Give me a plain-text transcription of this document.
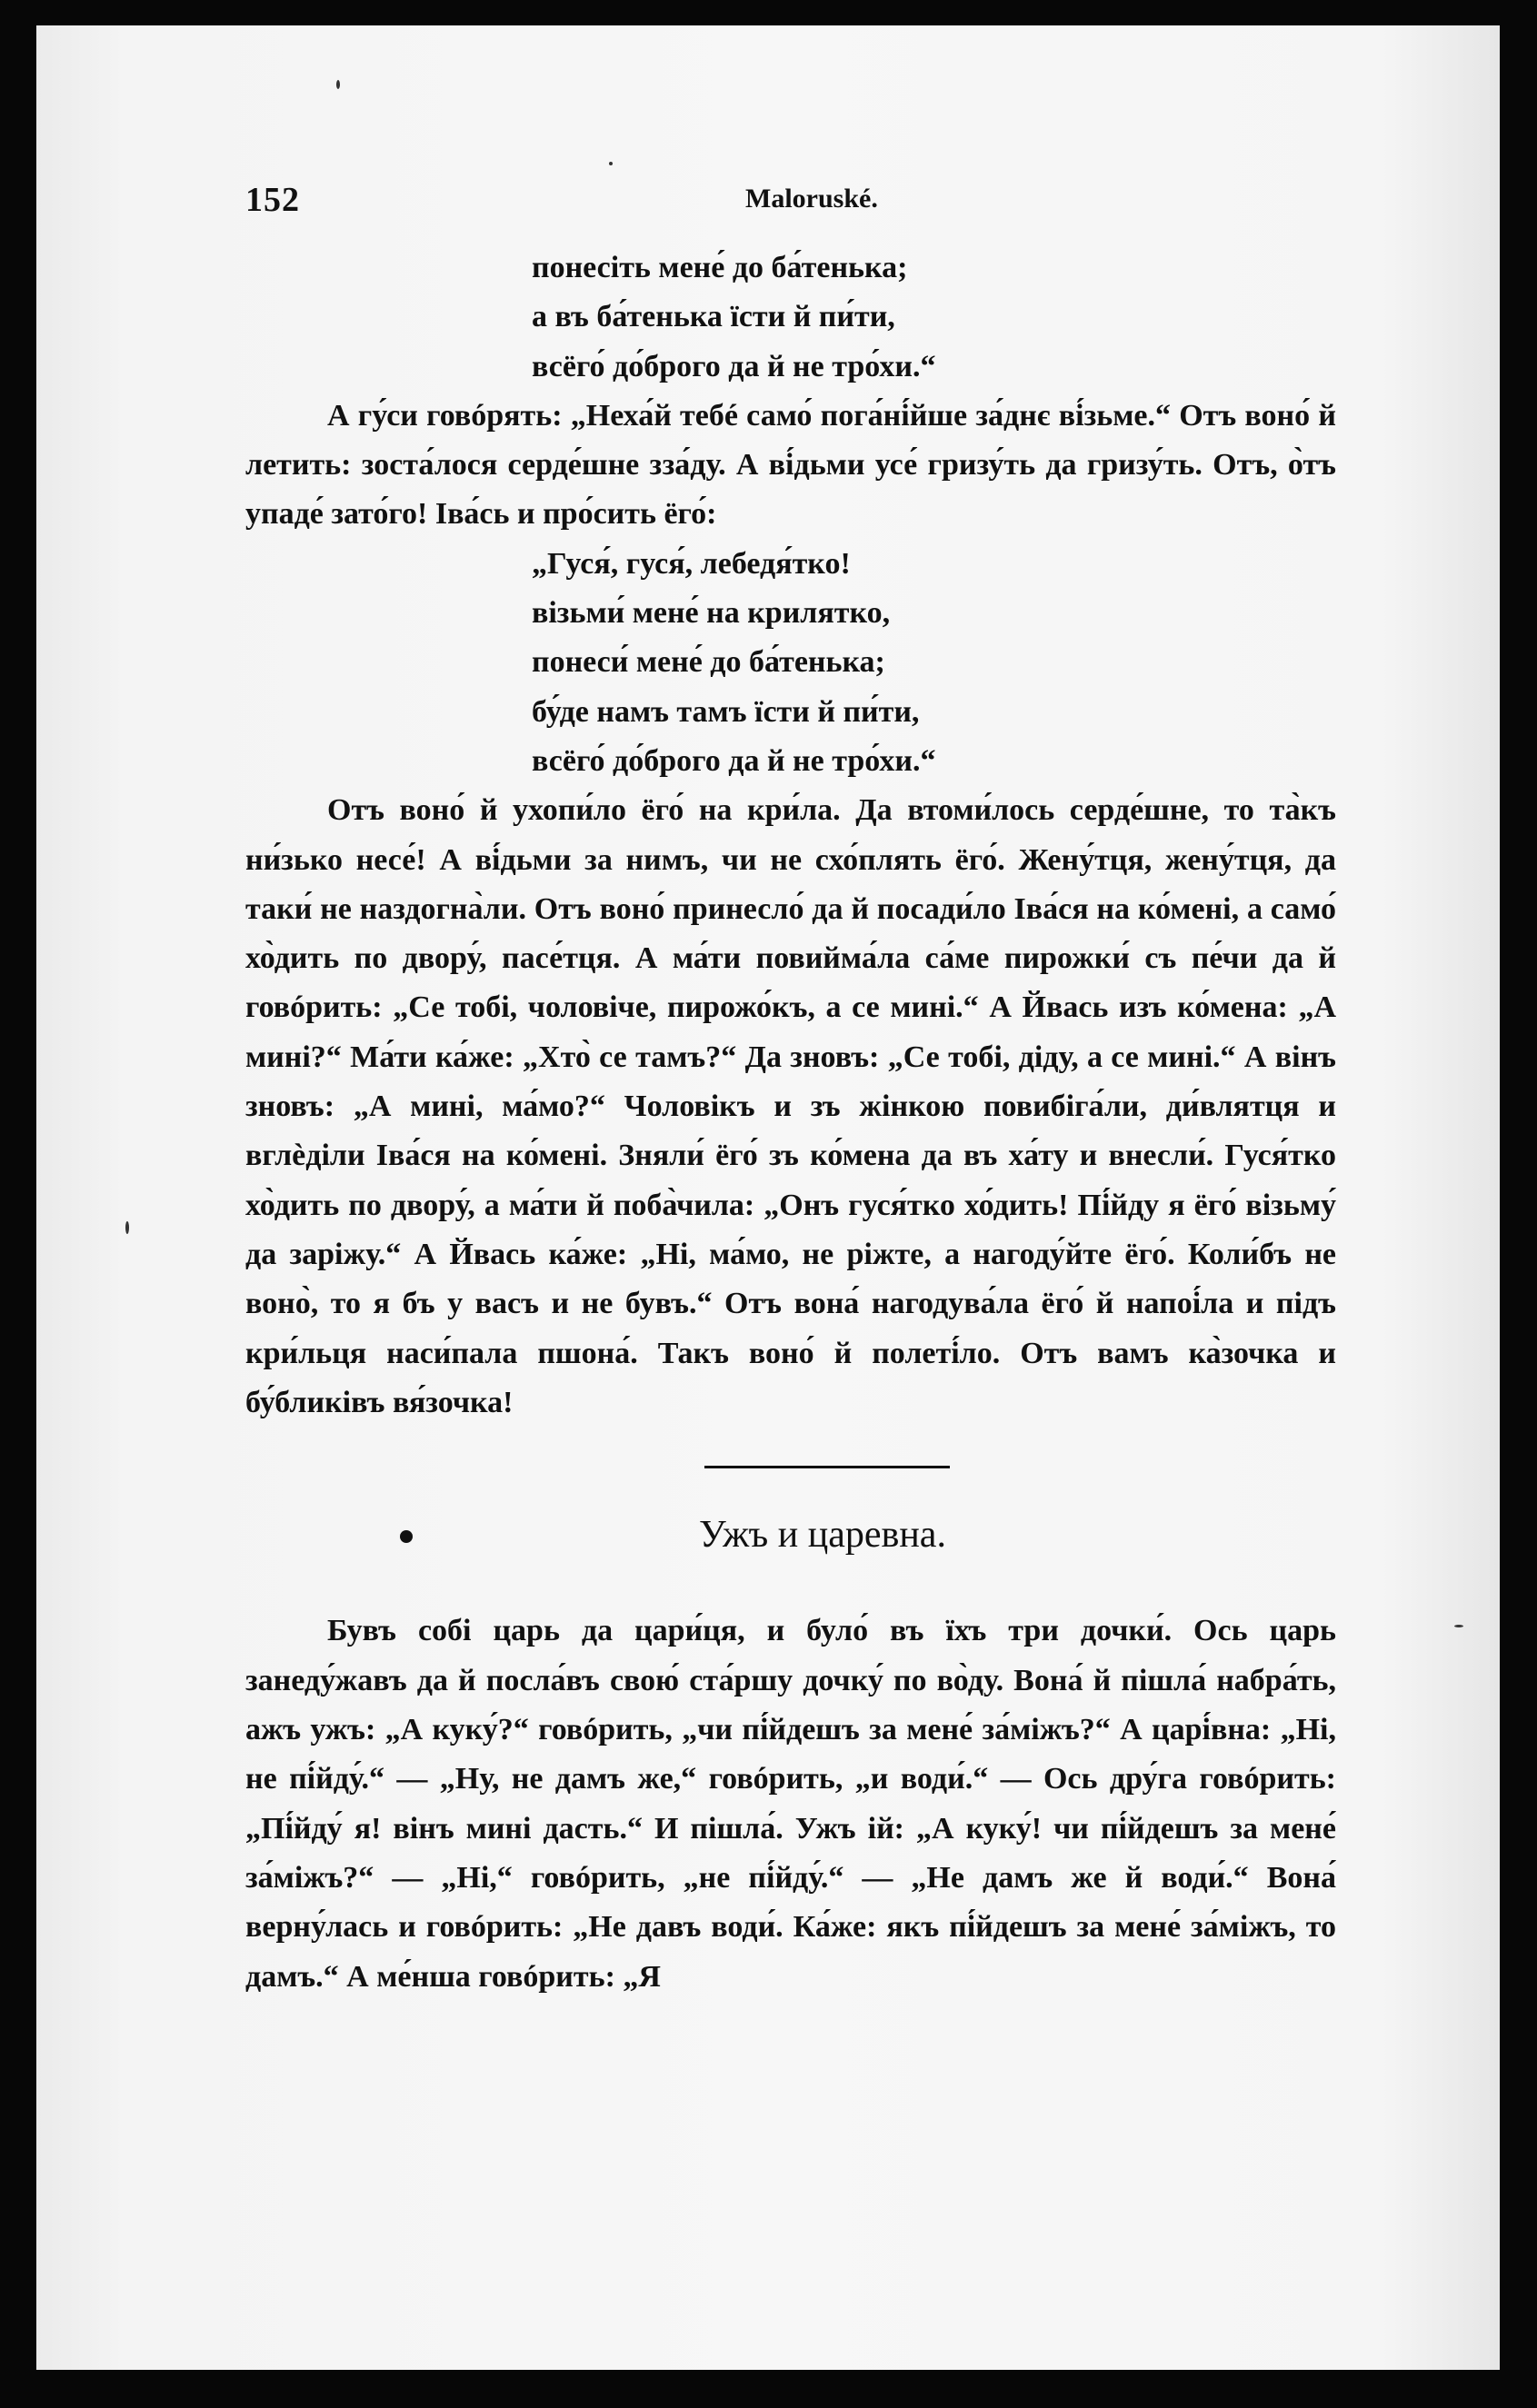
152	Maloruské.
понесіть мене́ до ба́тенька;
а въ ба́тенька їсти й пи́ти,
всёго́ до́брого да й не тро́хи.“

А гу́си говóрять: „Неха́й тебé само́ пога́ні́йше за́днє ві́зьме.“ Отъ воно́ й летить: зоста́лося серде́шне зза́ду. А ві́дьми усе́ гризу́ть да гризу́ть. Отъ, о̀тъ упаде́ зато́го! Іва́сь и про́сить ёго́:

„Гуся́, гуся́, лебедя́тко!
візьми́ мене́ на крилятко,
понеси́ мене́ до ба́тенька;
бу́де намъ тамъ їсти й пи́ти,
всёго́ до́брого да й не тро́хи.“

Отъ воно́ й ухопи́ло ёго́ на кри́ла. Да втоми́лось серде́шне, то та̀къ ни́зько несе́! А ві́дьми за нимъ, чи не схо́плять ёго́. Жену́тця, жену́тця, да таки́ не наздогна̀ли. Отъ воно́ принесло́ да й посади́ло Іва́ся на ко́мені, а само́ хо̀дить по двору́, пасе́тця. А ма́ти повийма́ла са́ме пирожки́ съ пе́чи да й говóрить: „Се тобі, чоловіче, пирожо́къ, а се мині.“ А Йвась изъ ко́мена: „А мині?“ Ма́ти ка́же: „Хто̀ се тамъ?“ Да зновъ: „Се тобі, діду, а се мині.“ А вінъ зновъ: „А мині, ма́мо?“ Чоловікъ и зъ жінкою повибіга́ли, ди́влятця и вглѐділи Іва́ся на ко́мені. Зняли́ ёго́ зъ ко́мена да въ ха́ту и внесли́. Гуся́тко хо̀дить по двору́, а ма́ти й поба̀чила: „Онъ гуся́тко хо́дить! Пі́йду я ёго́ візьму́ да заріжу.“ А Йвась ка́же: „Ні, ма́мо, не ріжте, а нагоду́йте ёго́. Коли́бъ не воно̀, то я бъ у васъ и не бувъ.“ Отъ вона́ нагодува́ла ёго́ й напоі́ла и підъ кри́льця наси́пала пшона́. Такъ воно́ й полеті́ло. Отъ вамъ ка̀зочка и бу́бликівъ вя́зочка!

Ужъ и царевна.

Бувъ собі царь да цари́ця, и було́ въ їхъ три дочки́. Ось царь занеду́жавъ да й посла́въ свою́ ста́ршу дочку́ по во̀ду. Вона́ й пішла́ набра́ть, ажъ ужъ: „А куку́?“ говóрить, „чи пі́йдешъ за мене́ за́міжъ?“ А царі́вна: „Ні, не пі́йду́.“ — „Ну, не дамъ же,“ говóрить, „и води́.“ — Ось дру́га говóрить: „Пі́йду́ я! вінъ мині дасть.“ И пішла́. Ужъ ій: „А куку́! чи пі́йдешъ за мене́ за́міжъ?“ — „Ні,“ говóрить, „не пі́йду́.“ — „Не дамъ же й води́.“ Вона́ верну́лась и говóрить: „Не давъ води́. Ка́же: якъ пі́йдешъ за мене́ за́міжъ, то дамъ.“ А ме́нша говóрить: „Я
